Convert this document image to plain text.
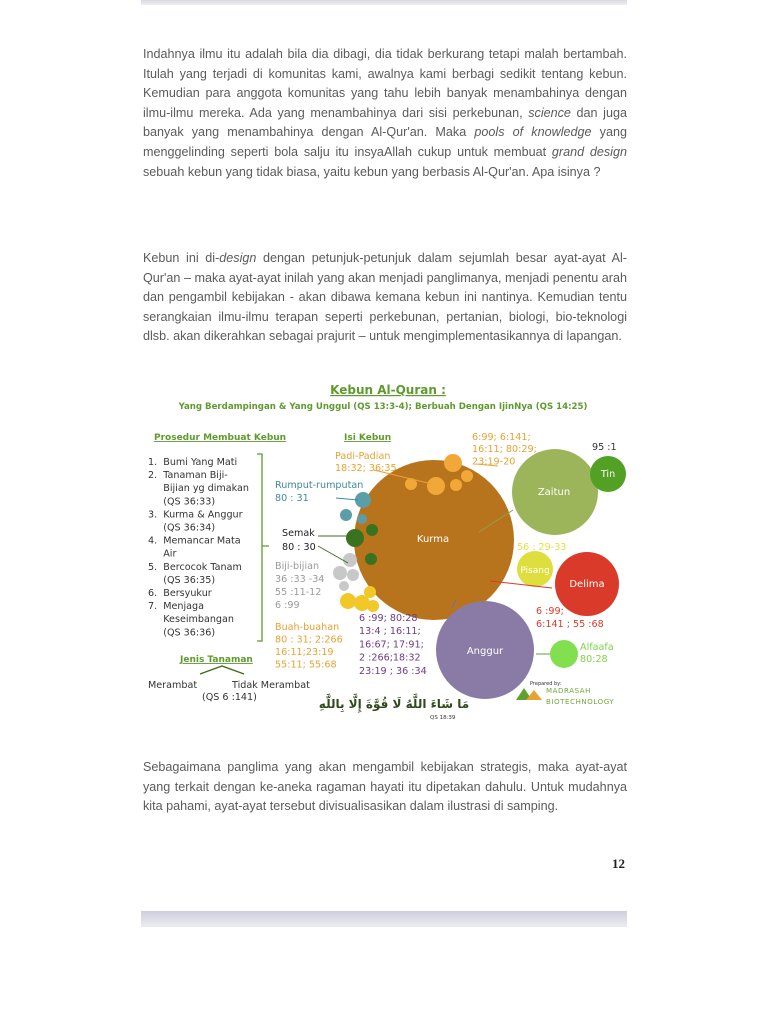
Indahnya ilmu itu adalah bila dia dibagi, dia tidak berkurang tetapi malah bertambah. Itulah yang terjadi di komunitas kami, awalnya kami berbagi sedikit tentang kebun. Kemudian para anggota komunitas yang tahu lebih banyak menambahinya dengan ilmu-ilmu mereka. Ada yang menambahinya dari sisi perkebunan, science dan juga banyak yang menambahinya dengan Al-Qur'an. Maka pools of knowledge yang menggelinding seperti bola salju itu insyaAllah cukup untuk membuat grand design sebuah kebun yang tidak biasa, yaitu kebun yang berbasis Al-Qur'an. Apa isinya ?

Kebun ini di-design dengan petunjuk-petunjuk dalam sejumlah besar ayat-ayat Al-Qur'an – maka ayat-ayat inilah yang akan menjadi panglimanya, menjadi penentu arah dan pengambil kebijakan - akan dibawa kemana kebun ini nantinya. Kemudian tentu serangkaian ilmu-ilmu terapan seperti perkebunan, pertanian, biologi, bio-teknologi dlsb. akan dikerahkan sebagai prajurit – untuk mengimplementasikannya di lapangan.

Kebun Al-Quran :
Yang Berdampingan & Yang Unggul (QS 13:3-4); Berbuah Dengan IjinNya (QS 14:25)
Prosedur Membuat Kebun
1.  Bumi Yang Mati
2.  Tanaman Biji-
Bijian yg dimakan
(QS 36:33)
3.  Kurma & Anggur
(QS 36:34)
4.  Memancar Mata
Air
5.  Bercocok Tanam
(QS 36:35)
6.  Bersyukur
7.  Menjaga
Keseimbangan
(QS 36:36)
Jenis Tanaman
Merambat	Tidak Merambat
(QS 6 :141)
Isi Kebun
Kurma
Zaitun
Tin
Delima
Pisang
Anggur
Padi-Padian
18:32; 36:35
Rumput-rumputan
80 : 31
Semak
80 : 30
Biji-bijian
36 :33 -34
55 :11-12
6 :99
Buah-buahan
80 : 31; 2:266
16:11;23:19
55:11; 55:68
6 :99; 80:28
13:4 ; 16:11;
16:67; 17:91;
2 :266;18:32
23:19 ; 36 :34
6:99; 6:141;
16:11; 80:29;
23:19-20
6 :99;
6:141 ; 55 :68
Alfaafa
80:28
95 :1
56 : 29-33
Prepared by:
MADRASAH
BIOTECHNOLOGY
مَا شَاءَ اللَّهُ لَا قُوَّةَ إِلَّا بِاللَّهِ
QS 18:39

Sebagaimana panglima yang akan mengambil kebijakan strategis, maka ayat-ayat yang terkait dengan ke-aneka ragaman hayati itu dipetakan dahulu. Untuk mudahnya kita pahami, ayat-ayat tersebut divisualisasikan dalam ilustrasi di samping.

12
